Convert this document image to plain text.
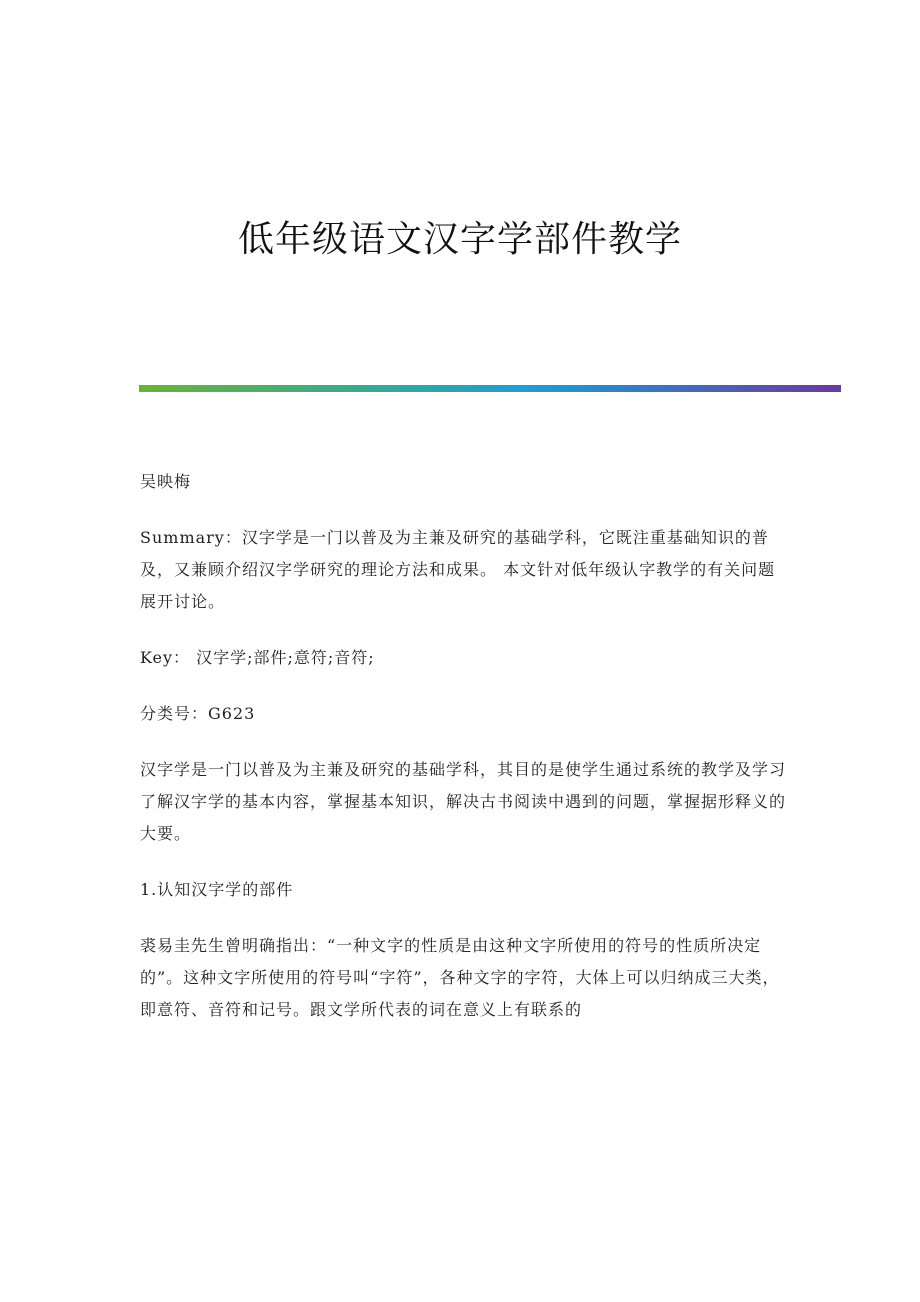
低年级语文汉字学部件教学

吴映梅

Summary：汉字学是一门以普及为主兼及研究的基础学科，它既注重基础知识的普及，又兼顾介绍汉字学研究的理论方法和成果。 本文针对低年级认字教学的有关问题展开讨论。

Key： 汉字学;部件;意符;音符;

分类号：G623

汉字学是一门以普及为主兼及研究的基础学科，其目的是使学生通过系统的教学及学习了解汉字学的基本内容，掌握基本知识，解决古书阅读中遇到的问题，掌握据形释义的大要。

1.认知汉字学的部件

裘易圭先生曾明确指出：“一种文字的性质是由这种文字所使用的符号的性质所决定的”。这种文字所使用的符号叫“字符”，各种文字的字符，大体上可以归纳成三大类，即意符、音符和记号。跟文学所代表的词在意义上有联系的
